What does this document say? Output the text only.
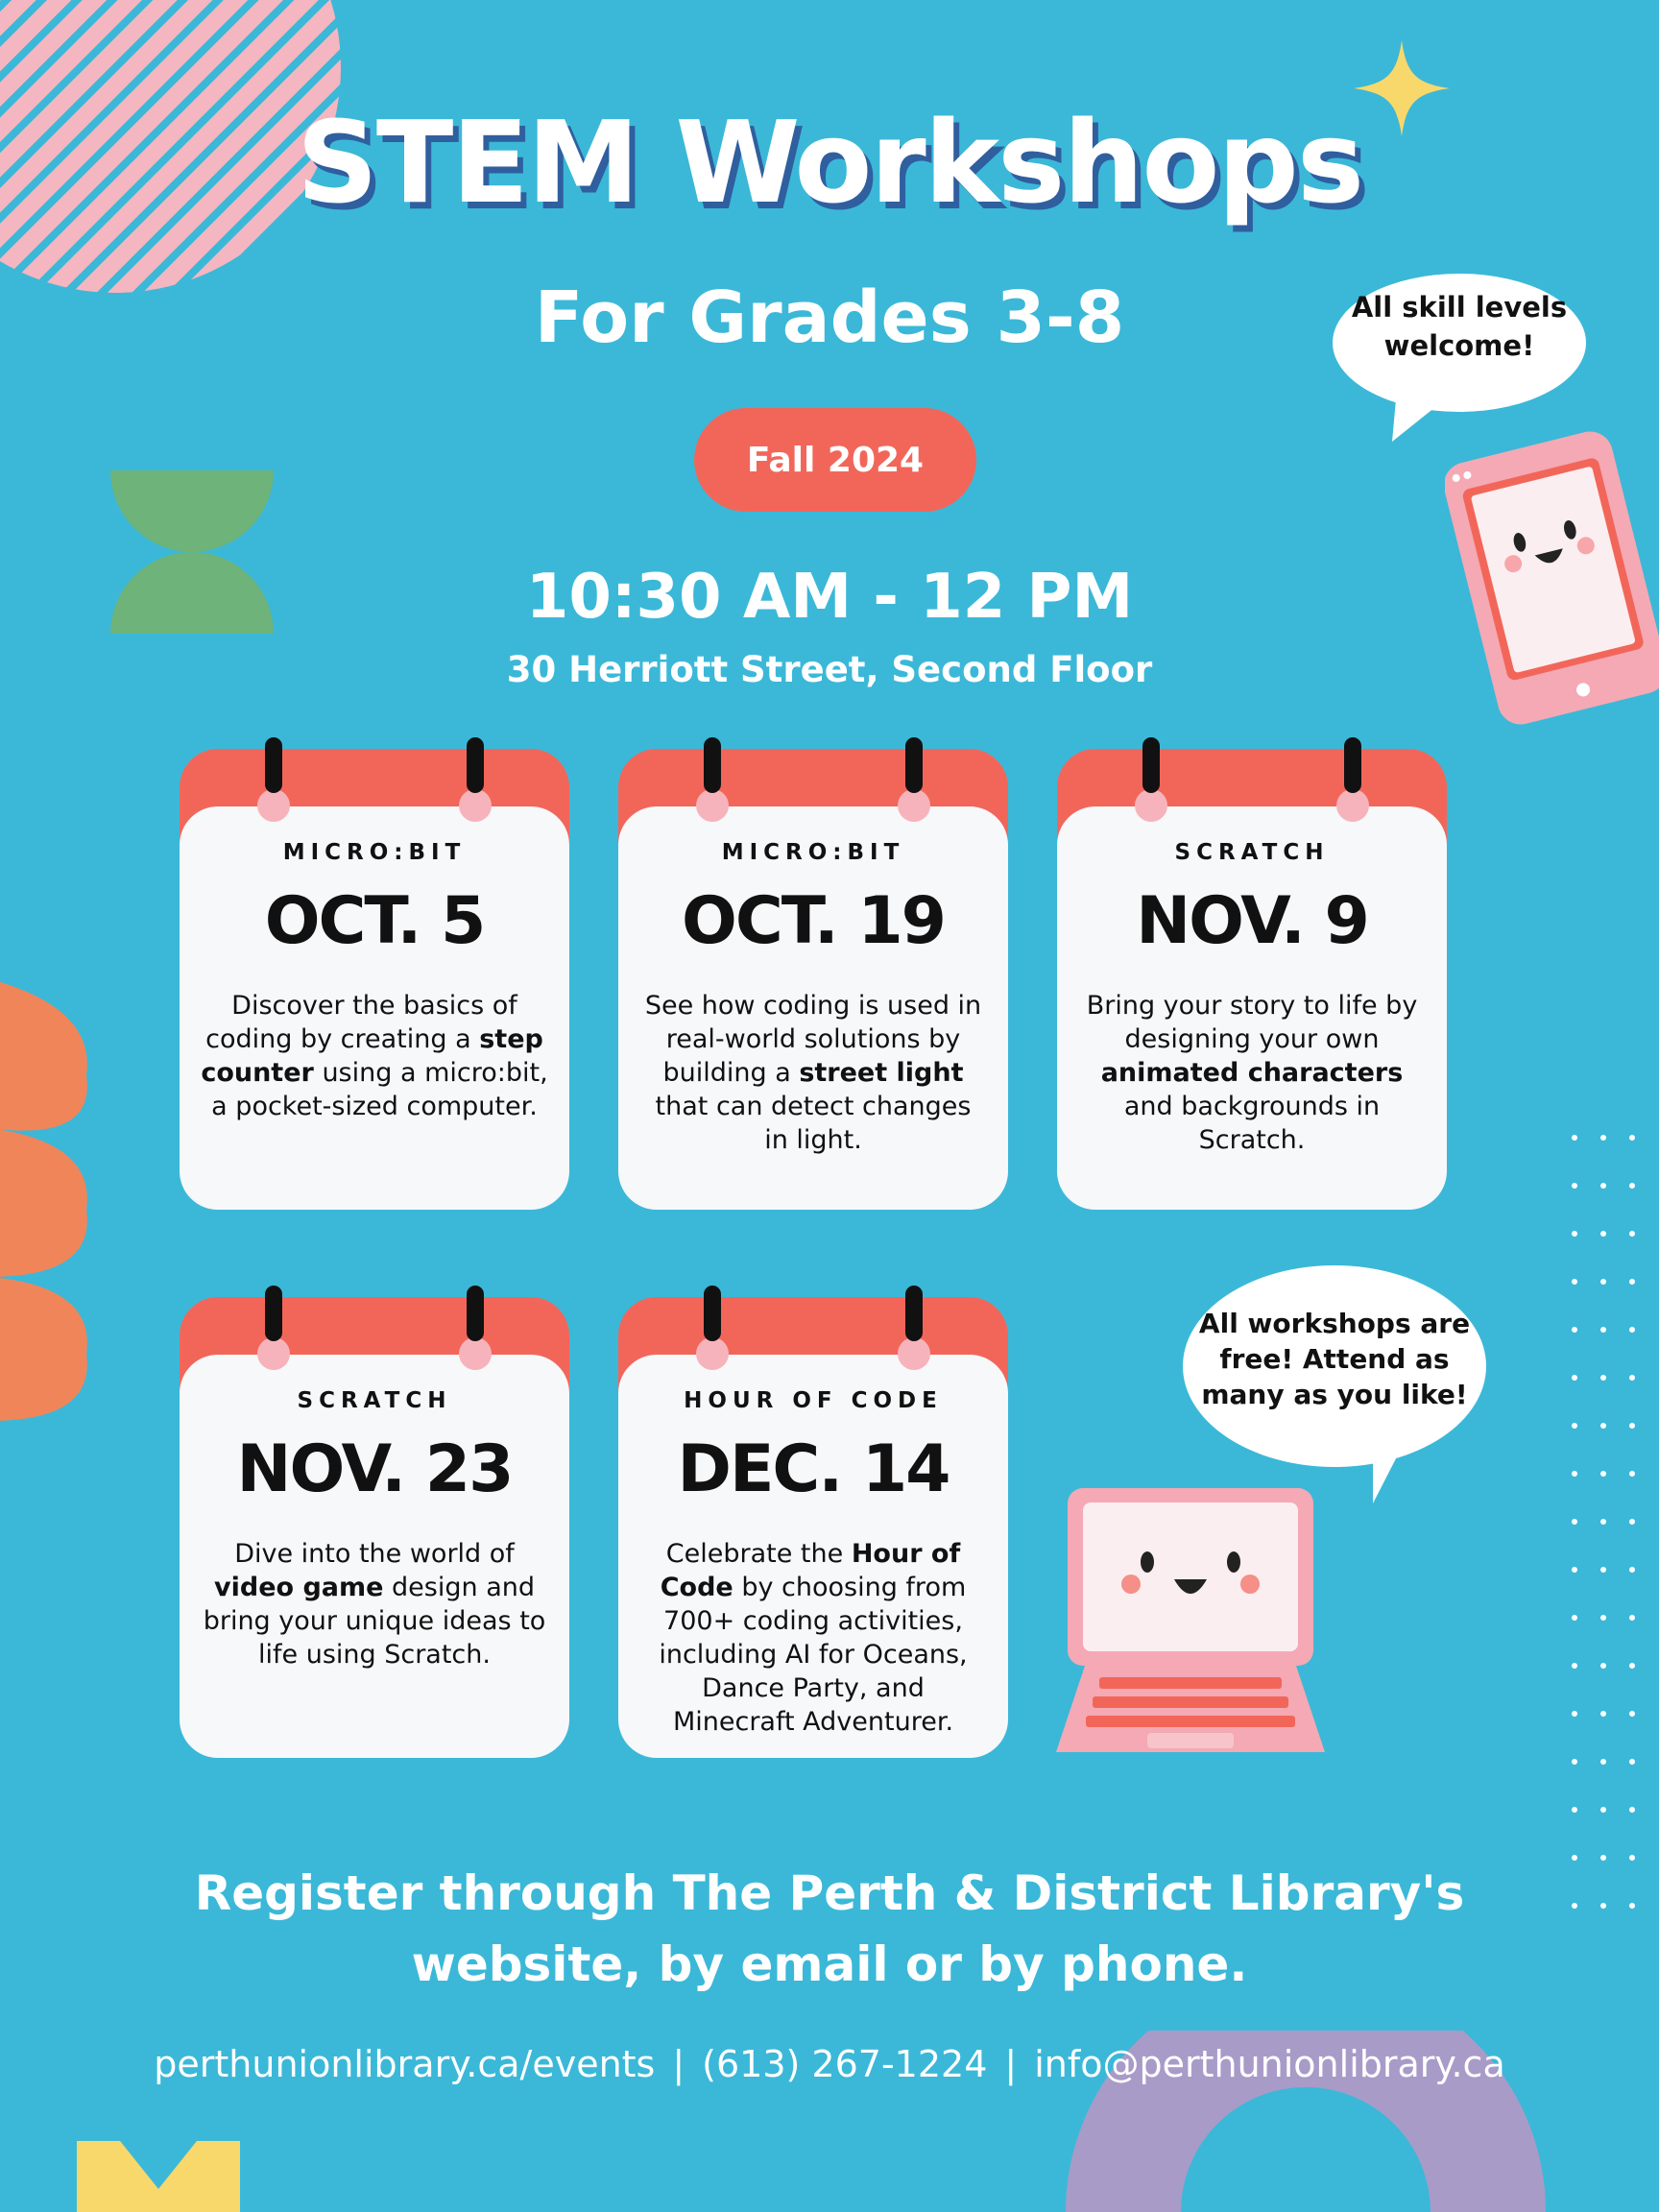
STEM Workshops
For Grades 3-8
Fall 2024
10:30 AM - 12 PM
30 Herriott Street, Second Floor
All skill levels
welcome!
All workshops are
free! Attend as
many as you like!
MICRO:BIT
OCT. 5
Discover the basics of coding by creating a step counter using a micro:bit, a pocket-sized computer.
MICRO:BIT
OCT. 19
See how coding is used in real-world solutions by building a street light that can detect changes in light.
SCRATCH
NOV. 9
Bring your story to life by designing your own animated characters and backgrounds in Scratch.
SCRATCH
NOV. 23
Dive into the world of video game design and bring your unique ideas to life using Scratch.
HOUR OF CODE
DEC. 14
Celebrate the Hour of Code by choosing from 700+ coding activities, including AI for Oceans, Dance Party, and Minecraft Adventurer.
Register through The Perth & District Library's
website, by email or by phone.
perthunionlibrary.ca/events | (613) 267-1224 | info@perthunionlibrary.ca
